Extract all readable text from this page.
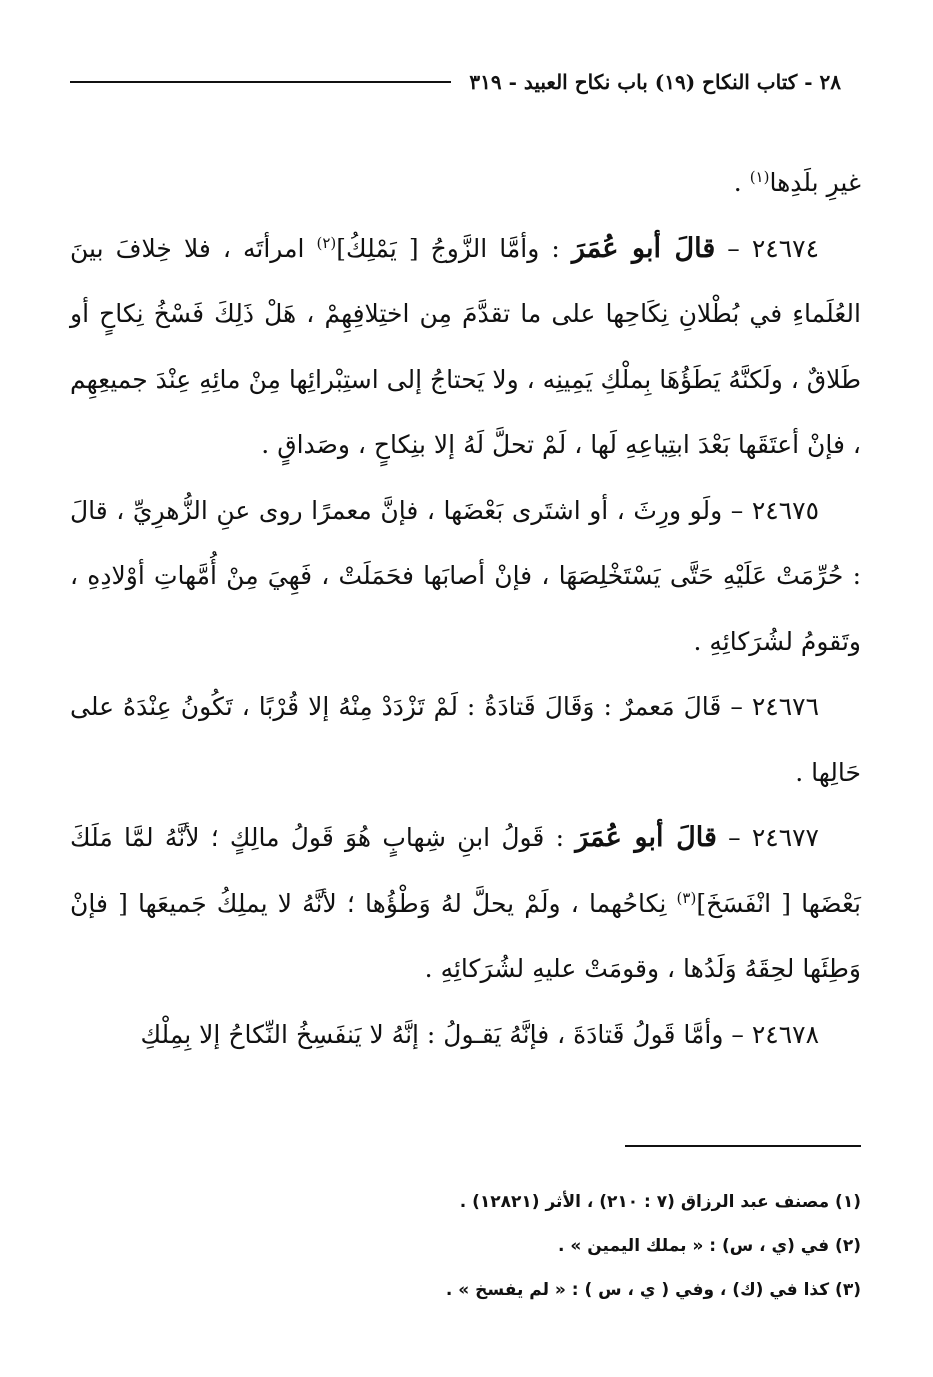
٢٨ - كتاب النكاح (١٩) باب نكاح العبيد - ٣١٩

غيرِ بلَدِها$^{(١)}$ .

٢٤٦٧٤ – قالَ أبو عُمَرَ : وأمَّا الزَّوجُ [ يَمْلِكُ]$^{(٢)}$ امرأتَه ، فلا خِلافَ بينَ العُلَماءِ في بُطْلانِ نِكَاحِها على ما تقدَّمَ مِن اختِلافِهِمْ ، هَلْ ذَلِكَ فَسْخُ نِكاحٍ أو طَلاقٌ ، ولَكنَّهُ يَطَؤُهَا بِملْكِ يَمِينِه ، ولا يَحتاجُ إلى استِبْرائِها مِنْ مائِهِ عِنْدَ جميعِهِم ، فإنْ أعتَقَها بَعْدَ ابتِياعِهِ لَها ، لَمْ تحلَّ لَهُ إلا بنِكاحٍ ، وصَداقٍ .

٢٤٦٧٥ – ولَو ورِثَ ، أو اشتَرى بَعْضَها ، فإنَّ معمرًا روى عنِ الزُّهرِيِّ ، قالَ : حُرِّمَتْ عَلَيْهِ حَتَّى يَسْتَخْلِصَهَا ، فإنْ أصابَها فحَمَلَتْ ، فَهِيَ مِنْ أُمَّهاتِ أوْلادِهِ ، وتَقومُ لشُرَكائِهِ .

٢٤٦٧٦ – قَالَ مَعمرٌ : وَقَالَ قَتادَةُ : لَمْ تَزْدَدْ مِنْهُ إلا قُرْبًا ، تَكُونُ عِنْدَهُ على حَالِها .

٢٤٦٧٧ – قالَ أبو عُمَرَ : قَولُ ابنِ شِهابٍ هُوَ قَولُ مالِكٍ ؛ لأنَّهُ لمَّا مَلَكَ بَعْضَها [ انْفَسَخَ]$^{(٣)}$ نِكاحُهما ، ولَمْ يحلَّ لهُ وَطْؤُها ؛ لأنَّهُ لا يملِكُ جَميعَها [ فإنْ وَطِئَها لحِقَهُ وَلَدُها ، وقومَتْ عليهِ لشُرَكائِهِ .

٢٤٦٧٨ – وأمَّا قَولُ قَتادَةَ ، فإنَّهُ يَقـولُ : إنَّهُ لا يَنفَسِخُ النِّكاحُ إلا بِمِلْكِ

(١) مصنف عبد الرزاق (٧ : ٢١٠) ، الأثر (١٢٨٢١) .

(٢) في (ي ، س) : « بملك اليمين » .

(٣) كذا في (ك) ، وفي ( ي ، س ) : « لم يفسخ » .
